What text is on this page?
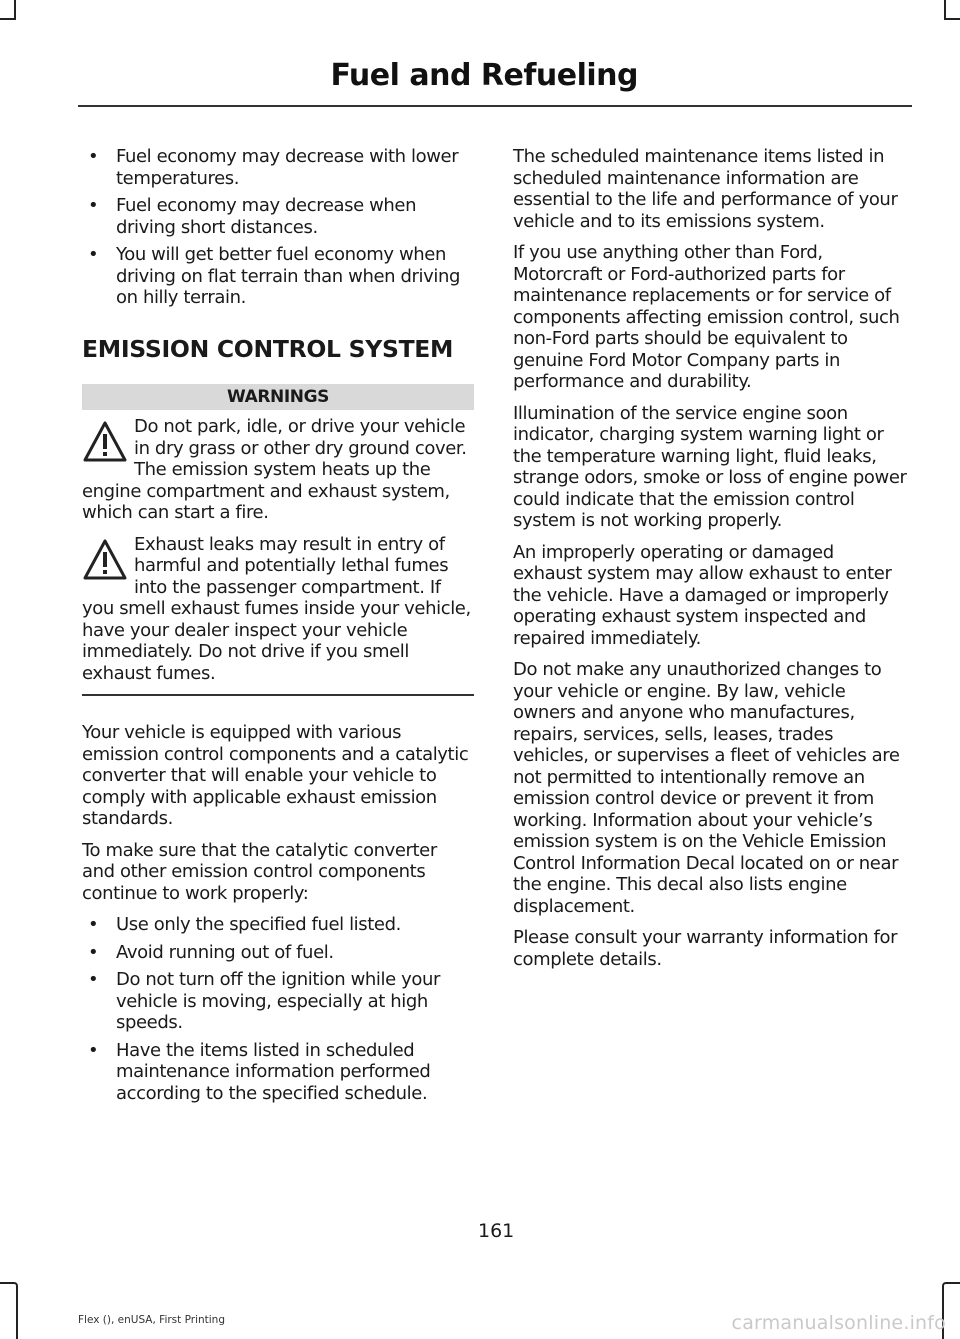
Fuel and Refueling
• Fuel economy may decrease with lower temperatures.
• Fuel economy may decrease when driving short distances.
• You will get better fuel economy when driving on flat terrain than when driving on hilly terrain.
EMISSION CONTROL SYSTEM
WARNINGS
Do not park, idle, or drive your vehicle in dry grass or other dry ground cover. The emission system heats up the engine compartment and exhaust system, which can start a fire.
Exhaust leaks may result in entry of harmful and potentially lethal fumes into the passenger compartment. If you smell exhaust fumes inside your vehicle, have your dealer inspect your vehicle immediately. Do not drive if you smell exhaust fumes.

Your vehicle is equipped with various emission control components and a catalytic converter that will enable your vehicle to comply with applicable exhaust emission standards.

To make sure that the catalytic converter and other emission control components continue to work properly:

• Use only the specified fuel listed.
• Avoid running out of fuel.
• Do not turn off the ignition while your vehicle is moving, especially at high speeds.
• Have the items listed in scheduled maintenance information performed according to the specified schedule.

The scheduled maintenance items listed in scheduled maintenance information are essential to the life and performance of your vehicle and to its emissions system.

If you use anything other than Ford, Motorcraft or Ford-authorized parts for maintenance replacements or for service of components affecting emission control, such non-Ford parts should be equivalent to genuine Ford Motor Company parts in performance and durability.

Illumination of the service engine soon indicator, charging system warning light or the temperature warning light, fluid leaks, strange odors, smoke or loss of engine power could indicate that the emission control system is not working properly.

An improperly operating or damaged exhaust system may allow exhaust to enter the vehicle. Have a damaged or improperly operating exhaust system inspected and repaired immediately.

Do not make any unauthorized changes to your vehicle or engine. By law, vehicle owners and anyone who manufactures, repairs, services, sells, leases, trades vehicles, or supervises a fleet of vehicles are not permitted to intentionally remove an emission control device or prevent it from working. Information about your vehicle’s emission system is on the Vehicle Emission Control Information Decal located on or near the engine. This decal also lists engine displacement.

Please consult your warranty information for complete details.

161
Flex (), enUSA, First Printing	carmanualsonline.info
